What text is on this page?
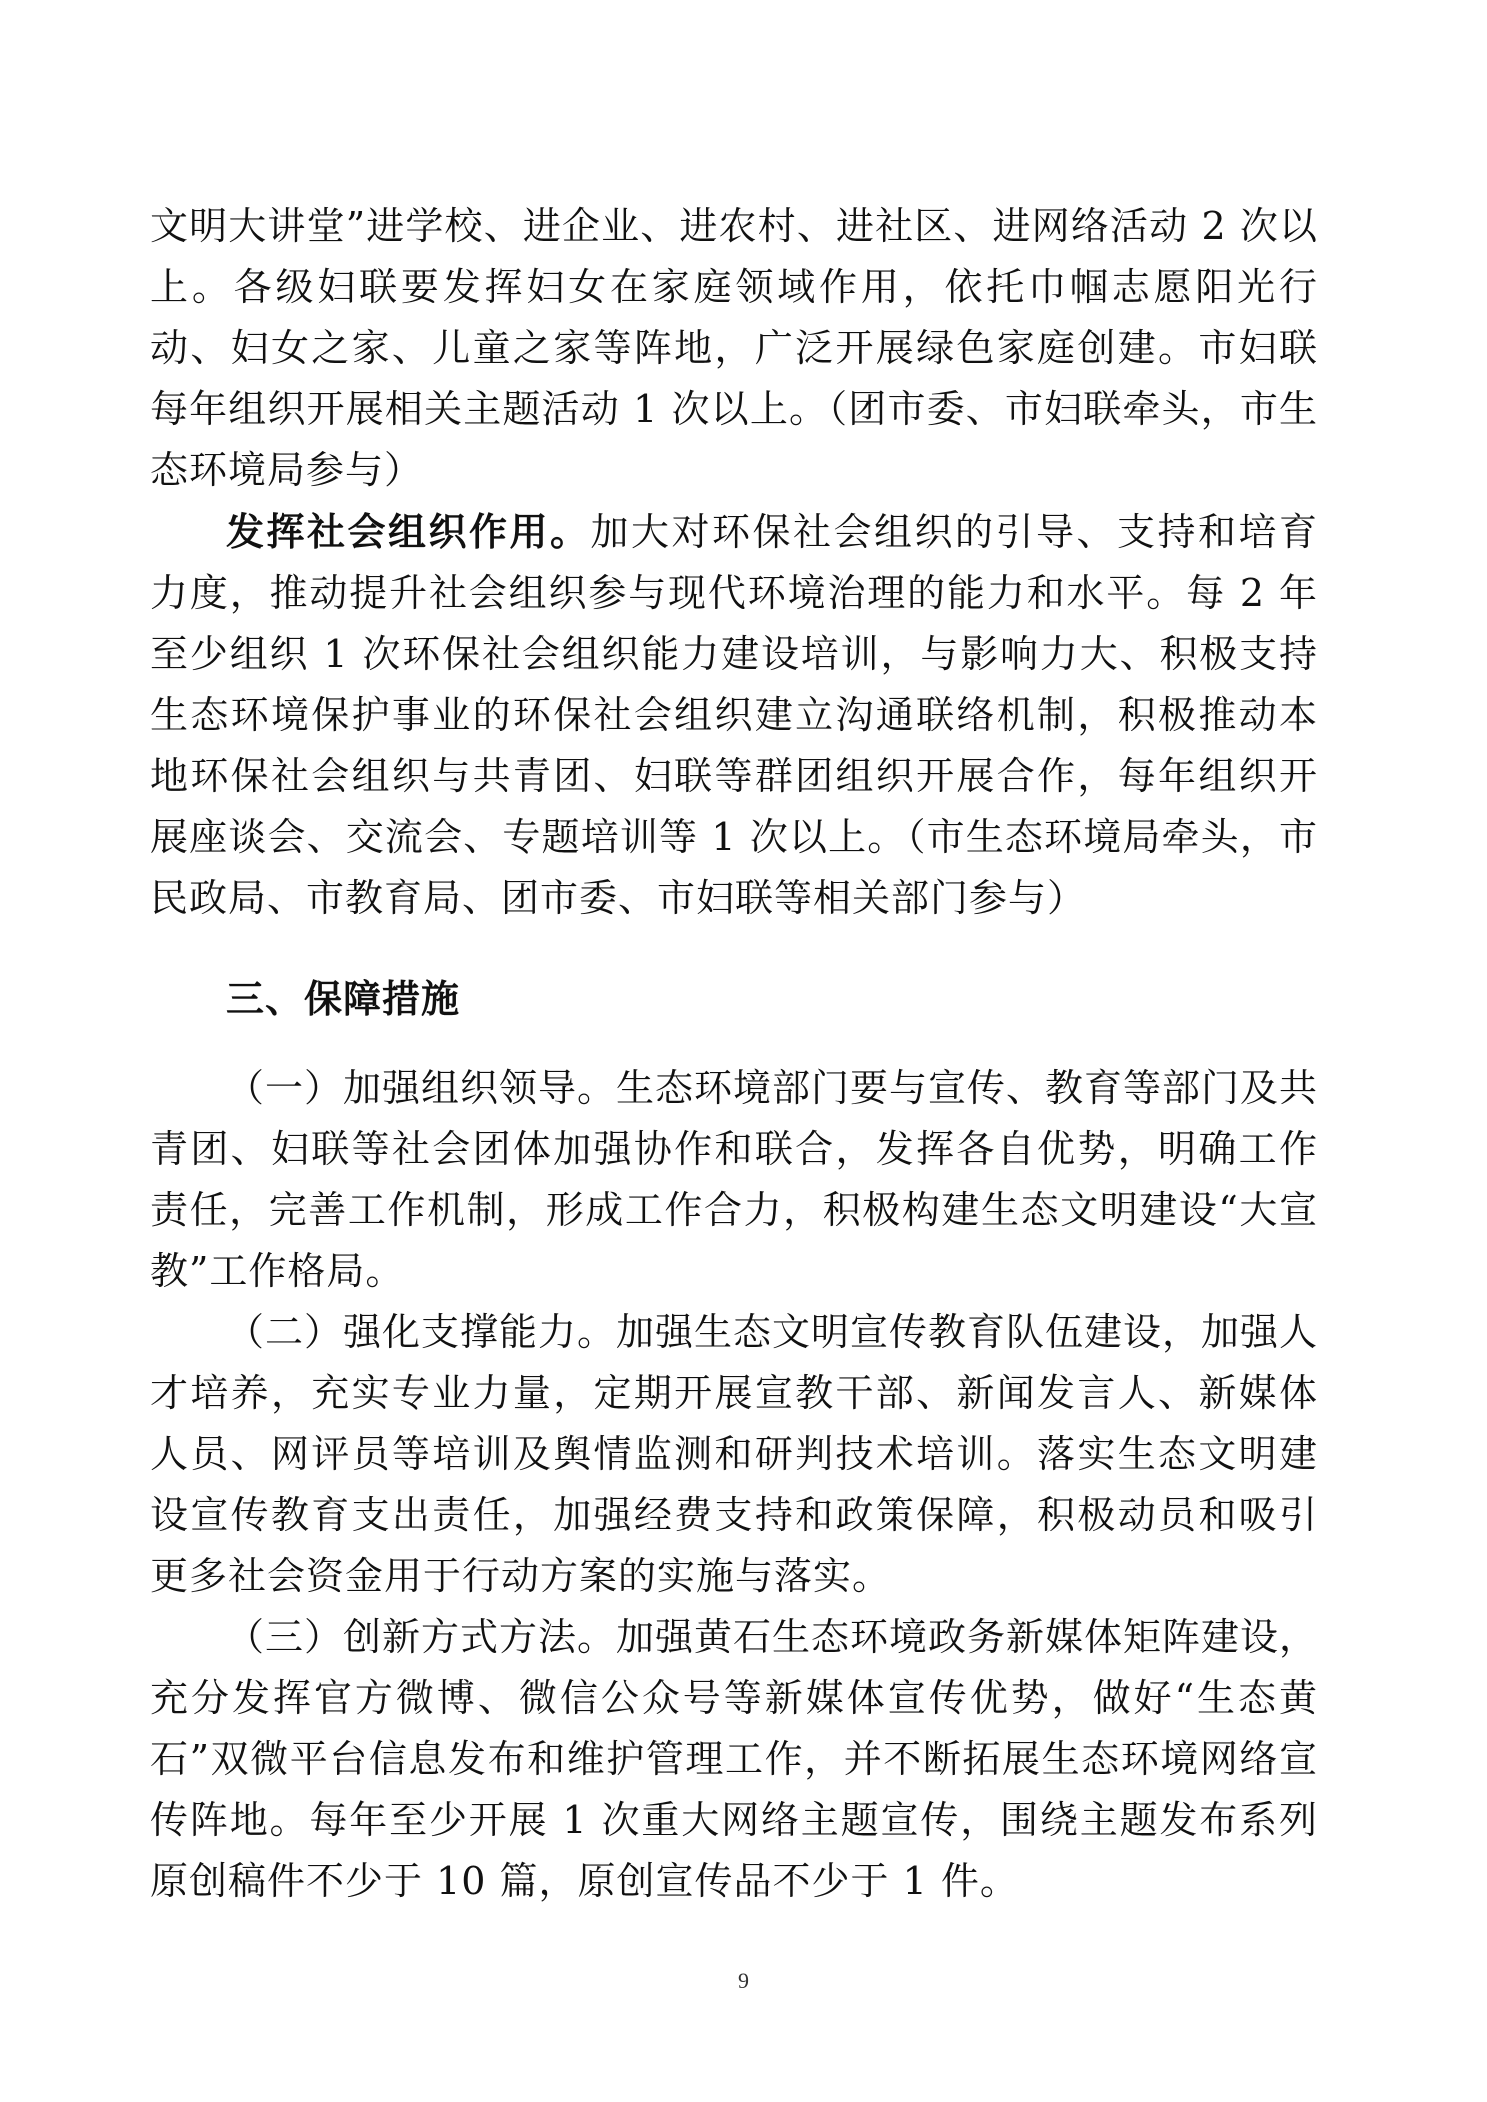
文明大讲堂”进学校、进企业、进农村、进社区、进网络活动 2 次以上。各级妇联要发挥妇女在家庭领域作用，依托巾帼志愿阳光行动、妇女之家、儿童之家等阵地，广泛开展绿色家庭创建。市妇联每年组织开展相关主题活动 1 次以上。（团市委、市妇联牵头，市生态环境局参与）

发挥社会组织作用。加大对环保社会组织的引导、支持和培育力度，推动提升社会组织参与现代环境治理的能力和水平。每 2 年至少组织 1 次环保社会组织能力建设培训，与影响力大、积极支持生态环境保护事业的环保社会组织建立沟通联络机制，积极推动本地环保社会组织与共青团、妇联等群团组织开展合作，每年组织开展座谈会、交流会、专题培训等 1 次以上。（市生态环境局牵头，市民政局、市教育局、团市委、市妇联等相关部门参与）

三、保障措施

（一）加强组织领导。生态环境部门要与宣传、教育等部门及共青团、妇联等社会团体加强协作和联合，发挥各自优势，明确工作责任，完善工作机制，形成工作合力，积极构建生态文明建设“大宣教”工作格局。

（二）强化支撑能力。加强生态文明宣传教育队伍建设，加强人才培养，充实专业力量，定期开展宣教干部、新闻发言人、新媒体人员、网评员等培训及舆情监测和研判技术培训。落实生态文明建设宣传教育支出责任，加强经费支持和政策保障，积极动员和吸引更多社会资金用于行动方案的实施与落实。

（三）创新方式方法。加强黄石生态环境政务新媒体矩阵建设，充分发挥官方微博、微信公众号等新媒体宣传优势，做好“生态黄石”双微平台信息发布和维护管理工作，并不断拓展生态环境网络宣传阵地。每年至少开展 1 次重大网络主题宣传，围绕主题发布系列原创稿件不少于 10 篇，原创宣传品不少于 1 件。

9
